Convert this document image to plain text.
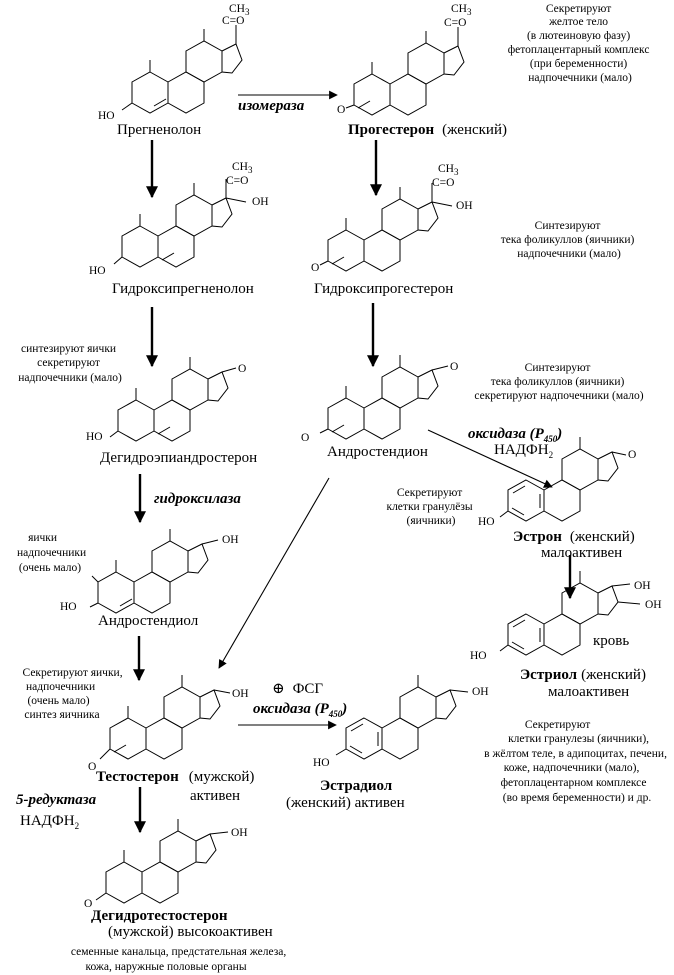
$CH_3$
C=O
HO
Прегненолон
$CH_3$
C=O
O
Прогестерон (женский)
$CH_3$
C=O
OH
HO
Гидроксипрегненолон
$CH_3$
C=O
OH
O
Гидроксипрогестерон
O
HO
Дегидроэпиандростерон
O
O
Андростендион	O
HO
Эстрон (женский)
малоактивен
OH
HO
Андростендиол
OH
OH
HO
кровь
Эстриол (женский)
малоактивен
OH
O
Тестостерон (мужской)
активен
OH
HO
Эстрадиол
(женский) активен
OH
O
Дегидротестостерон
(мужской) высокоактивен
изомераза
гидроксилаза
оксидаза $(P_{450})$
$НАДФН_2$
⊕ ФСГ
оксидаза $(P_{450})$
5-редуктаза
$НАДФН_2$
Секретируют желтое тело (в лютеиновую фазу) фетоплацентарный комплекс (при беременности) надпочечники (мало)
Синтезируют тека фоликуллов (яичники) надпочечники (мало)
синтезируют яички секретируют надпочечники (мало)
Синтезируют тека фоликуллов (яичники) секретируют надпочечники (мало)
Секретируют клетки гранулёзы (яичники)
яички надпочечники (очень мало)
Секретируют яички, надпочечники (очень мало) синтез яичника
Секретируют клетки гранулезы (яичники), в жёлтом теле, в адипоцитах, печени, коже, надпочечники (мало), фетоплацентарном комплексе (во время беременности) и др.
семенные канальца, предстательная железа, кожа, наружные половые органы
